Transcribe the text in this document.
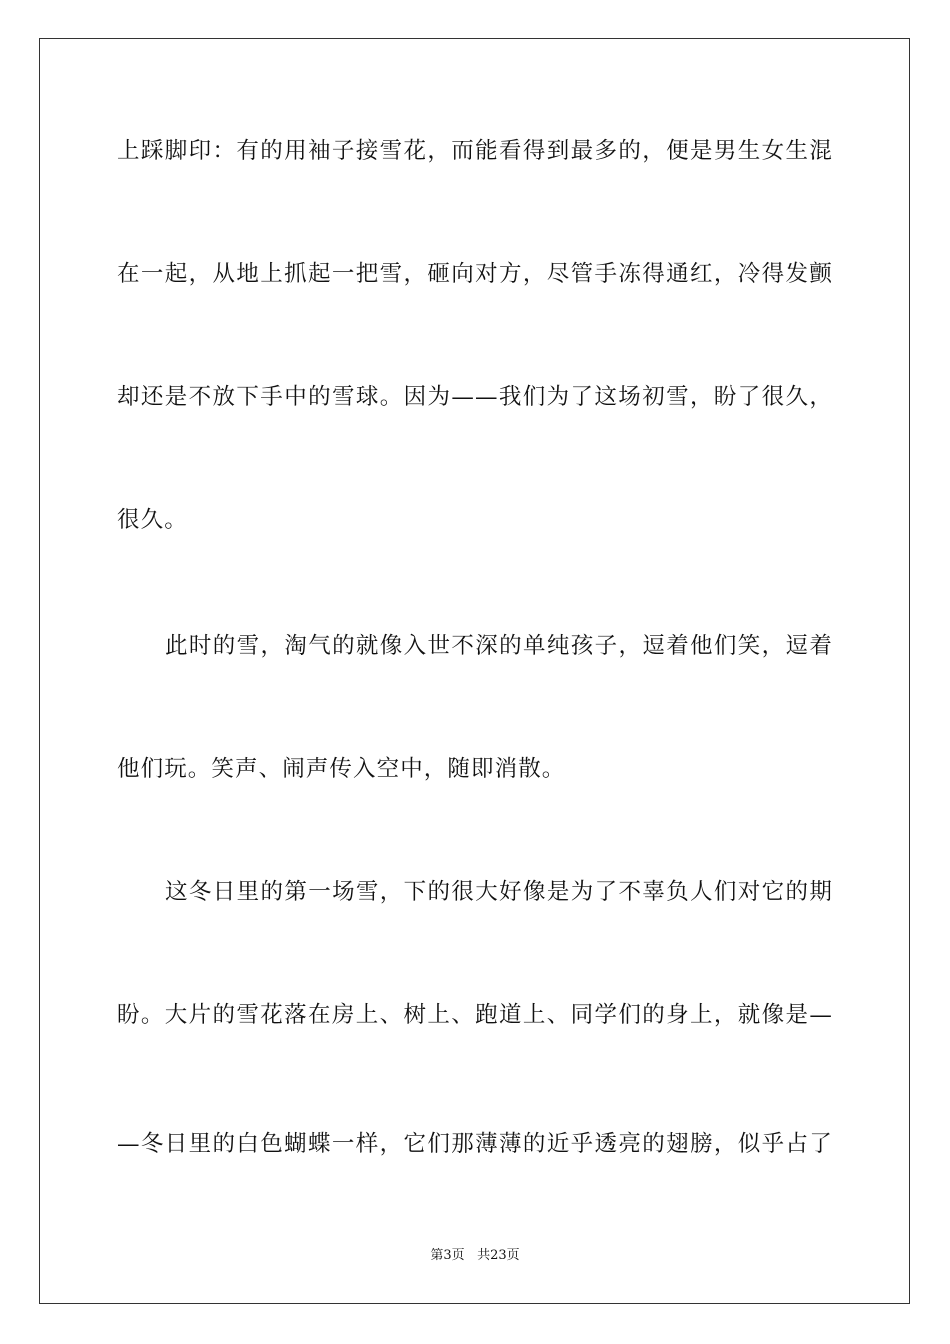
上踩脚印：有的用袖子接雪花，而能看得到最多的，便是男生女生混
在一起，从地上抓起一把雪，砸向对方，尽管手冻得通红，冷得发颤
却还是不放下手中的雪球。因为——我们为了这场初雪，盼了很久，
很久。
此时的雪，淘气的就像入世不深的单纯孩子，逗着他们笑，逗着
他们玩。笑声、闹声传入空中，随即消散。
这冬日里的第一场雪，下的很大好像是为了不辜负人们对它的期
盼。大片的雪花落在房上、树上、跑道上、同学们的身上，就像是—
—冬日里的白色蝴蝶一样，它们那薄薄的近乎透亮的翅膀，似乎占了
第3页 共23页
